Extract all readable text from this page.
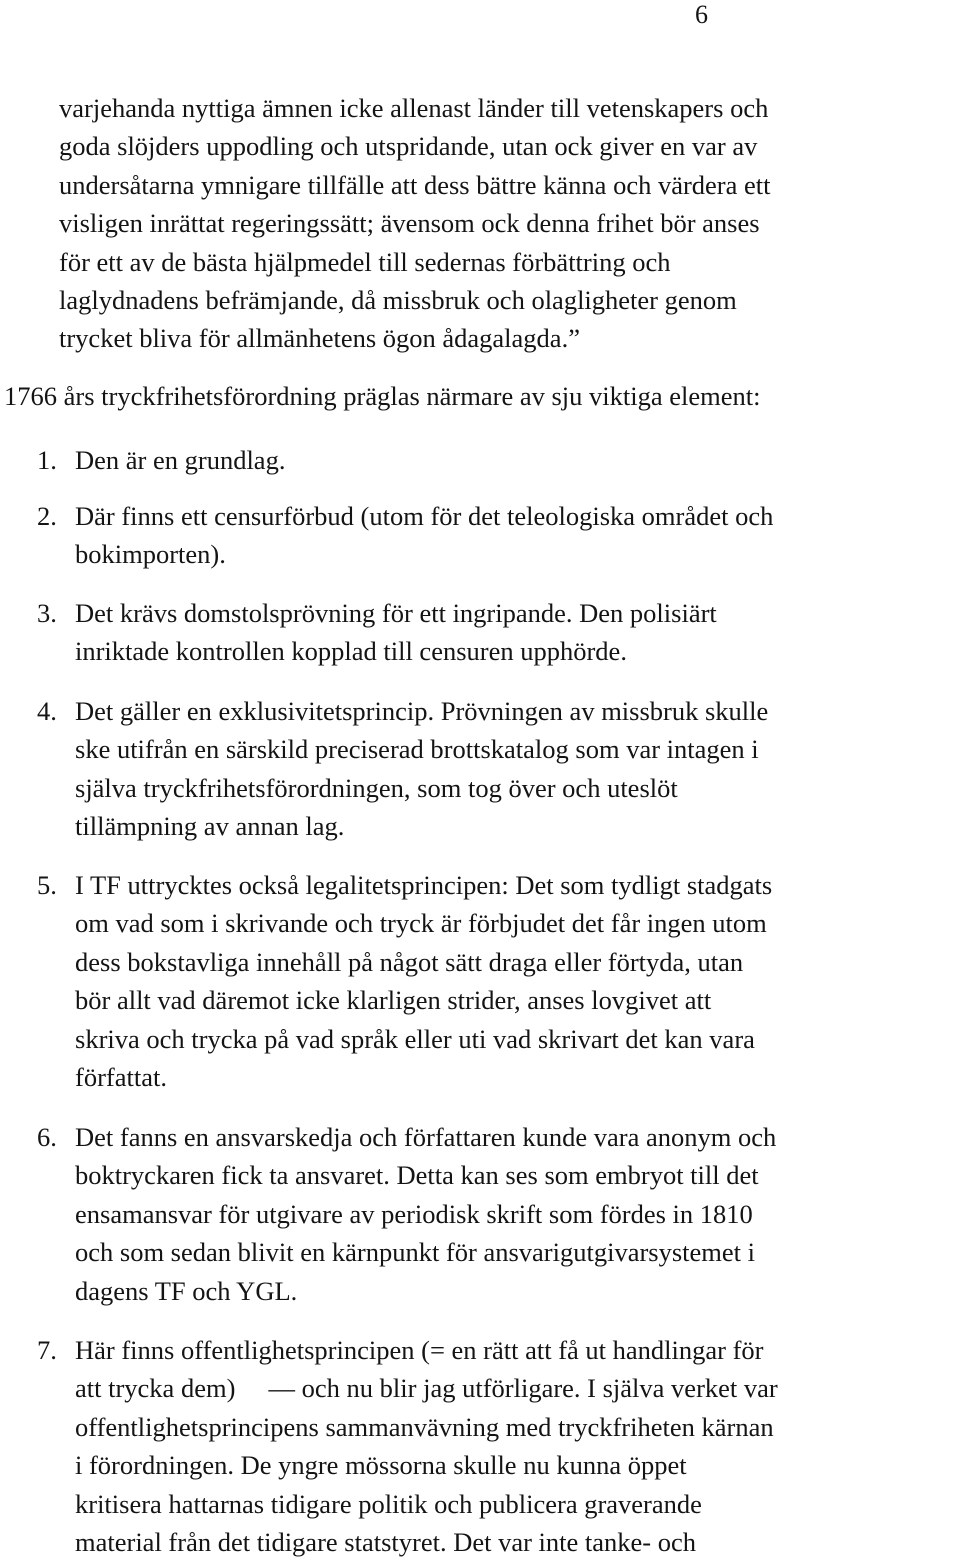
6
varjehanda nyttiga ämnen icke allenast länder till vetenskapers och
goda slöjders uppodling och utspridande, utan ock giver en var av
undersåtarna ymnigare tillfälle att dess bättre känna och värdera ett
visligen inrättat regeringssätt; ävensom ock denna frihet bör anses
för ett av de bästa hjälpmedel till sedernas förbättring och
laglydnadens befrämjande, då missbruk och olagligheter genom
trycket bliva för allmänhetens ögon ådagalagda.”

1766 års tryckfrihetsförordning präglas närmare av sju viktiga element:

1. Den är en grundlag.
2. Där finns ett censurförbud (utom för det teleologiska området och
bokimporten).
3. Det krävs domstolsprövning för ett ingripande. Den polisiärt
inriktade kontrollen kopplad till censuren upphörde.
4. Det gäller en exklusivitetsprincip. Prövningen av missbruk skulle
ske utifrån en särskild preciserad brottskatalog som var intagen i
själva tryckfrihetsförordningen, som tog över och uteslöt
tillämpning av annan lag.
5. I TF uttrycktes också legalitetsprincipen: Det som tydligt stadgats
om vad som i skrivande och tryck är förbjudet det får ingen utom
dess bokstavliga innehåll på något sätt draga eller förtyda, utan
bör allt vad däremot icke klarligen strider, anses lovgivet att
skriva och trycka på vad språk eller uti vad skrivart det kan vara
författat.
6. Det fanns en ansvarskedja och författaren kunde vara anonym och
boktryckaren fick ta ansvaret. Detta kan ses som embryot till det
ensamansvar för utgivare av periodisk skrift som fördes in 1810
och som sedan blivit en kärnpunkt för ansvarigutgivarsystemet i
dagens TF och YGL.
7. Här finns offentlighetsprincipen (= en rätt att få ut handlingar för
att trycka dem)  — och nu blir jag utförligare. I själva verket var
offentlighetsprincipens sammanvävning med tryckfriheten kärnan
i förordningen. De yngre mössorna skulle nu kunna öppet
kritisera hattarnas tidigare politik och publicera graverande
material från det tidigare statstyret. Det var inte tanke- och
